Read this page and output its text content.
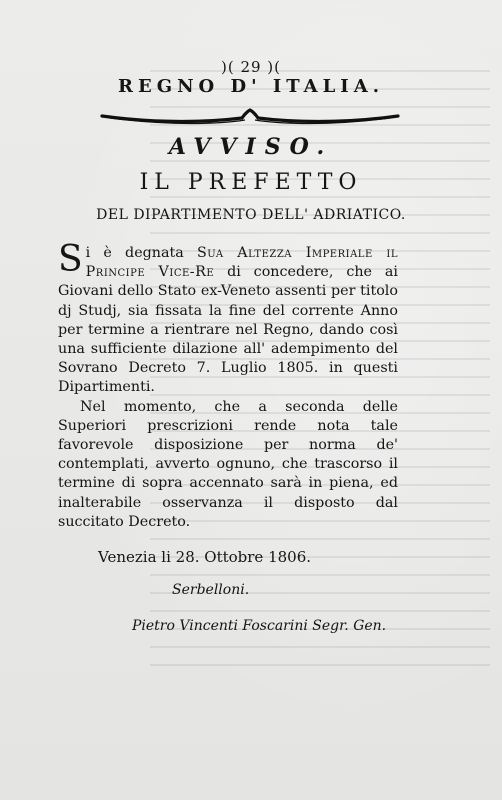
)( 29 )(
REGNO D' ITALIA.
AVVISO.
IL PREFETTO
DEL DIPARTIMENTO DELL' ADRIATICO.

Si è degnata Sua Altezza Imperiale il Principe Vice-Re di concedere, che ai Giovani dello Stato ex-Veneto assenti per titolo dj Studj, sia fissata la fine del corrente Anno per termine a rientrare nel Regno, dando così una sufficiente dilazione all' adempimento del Sovrano Decreto 7. Luglio 1805. in questi Dipartimenti.

Nel momento, che a seconda delle Superiori prescrizioni rende nota tale favorevole disposizione per norma de' contemplati, avverto ognuno, che trascorso il termine di sopra accennato sarà in piena, ed inalterabile osservanza il disposto dal succitato Decreto.

Venezia li 28. Ottobre 1806.
Serbelloni.
Pietro Vincenti Foscarini Segr. Gen.
